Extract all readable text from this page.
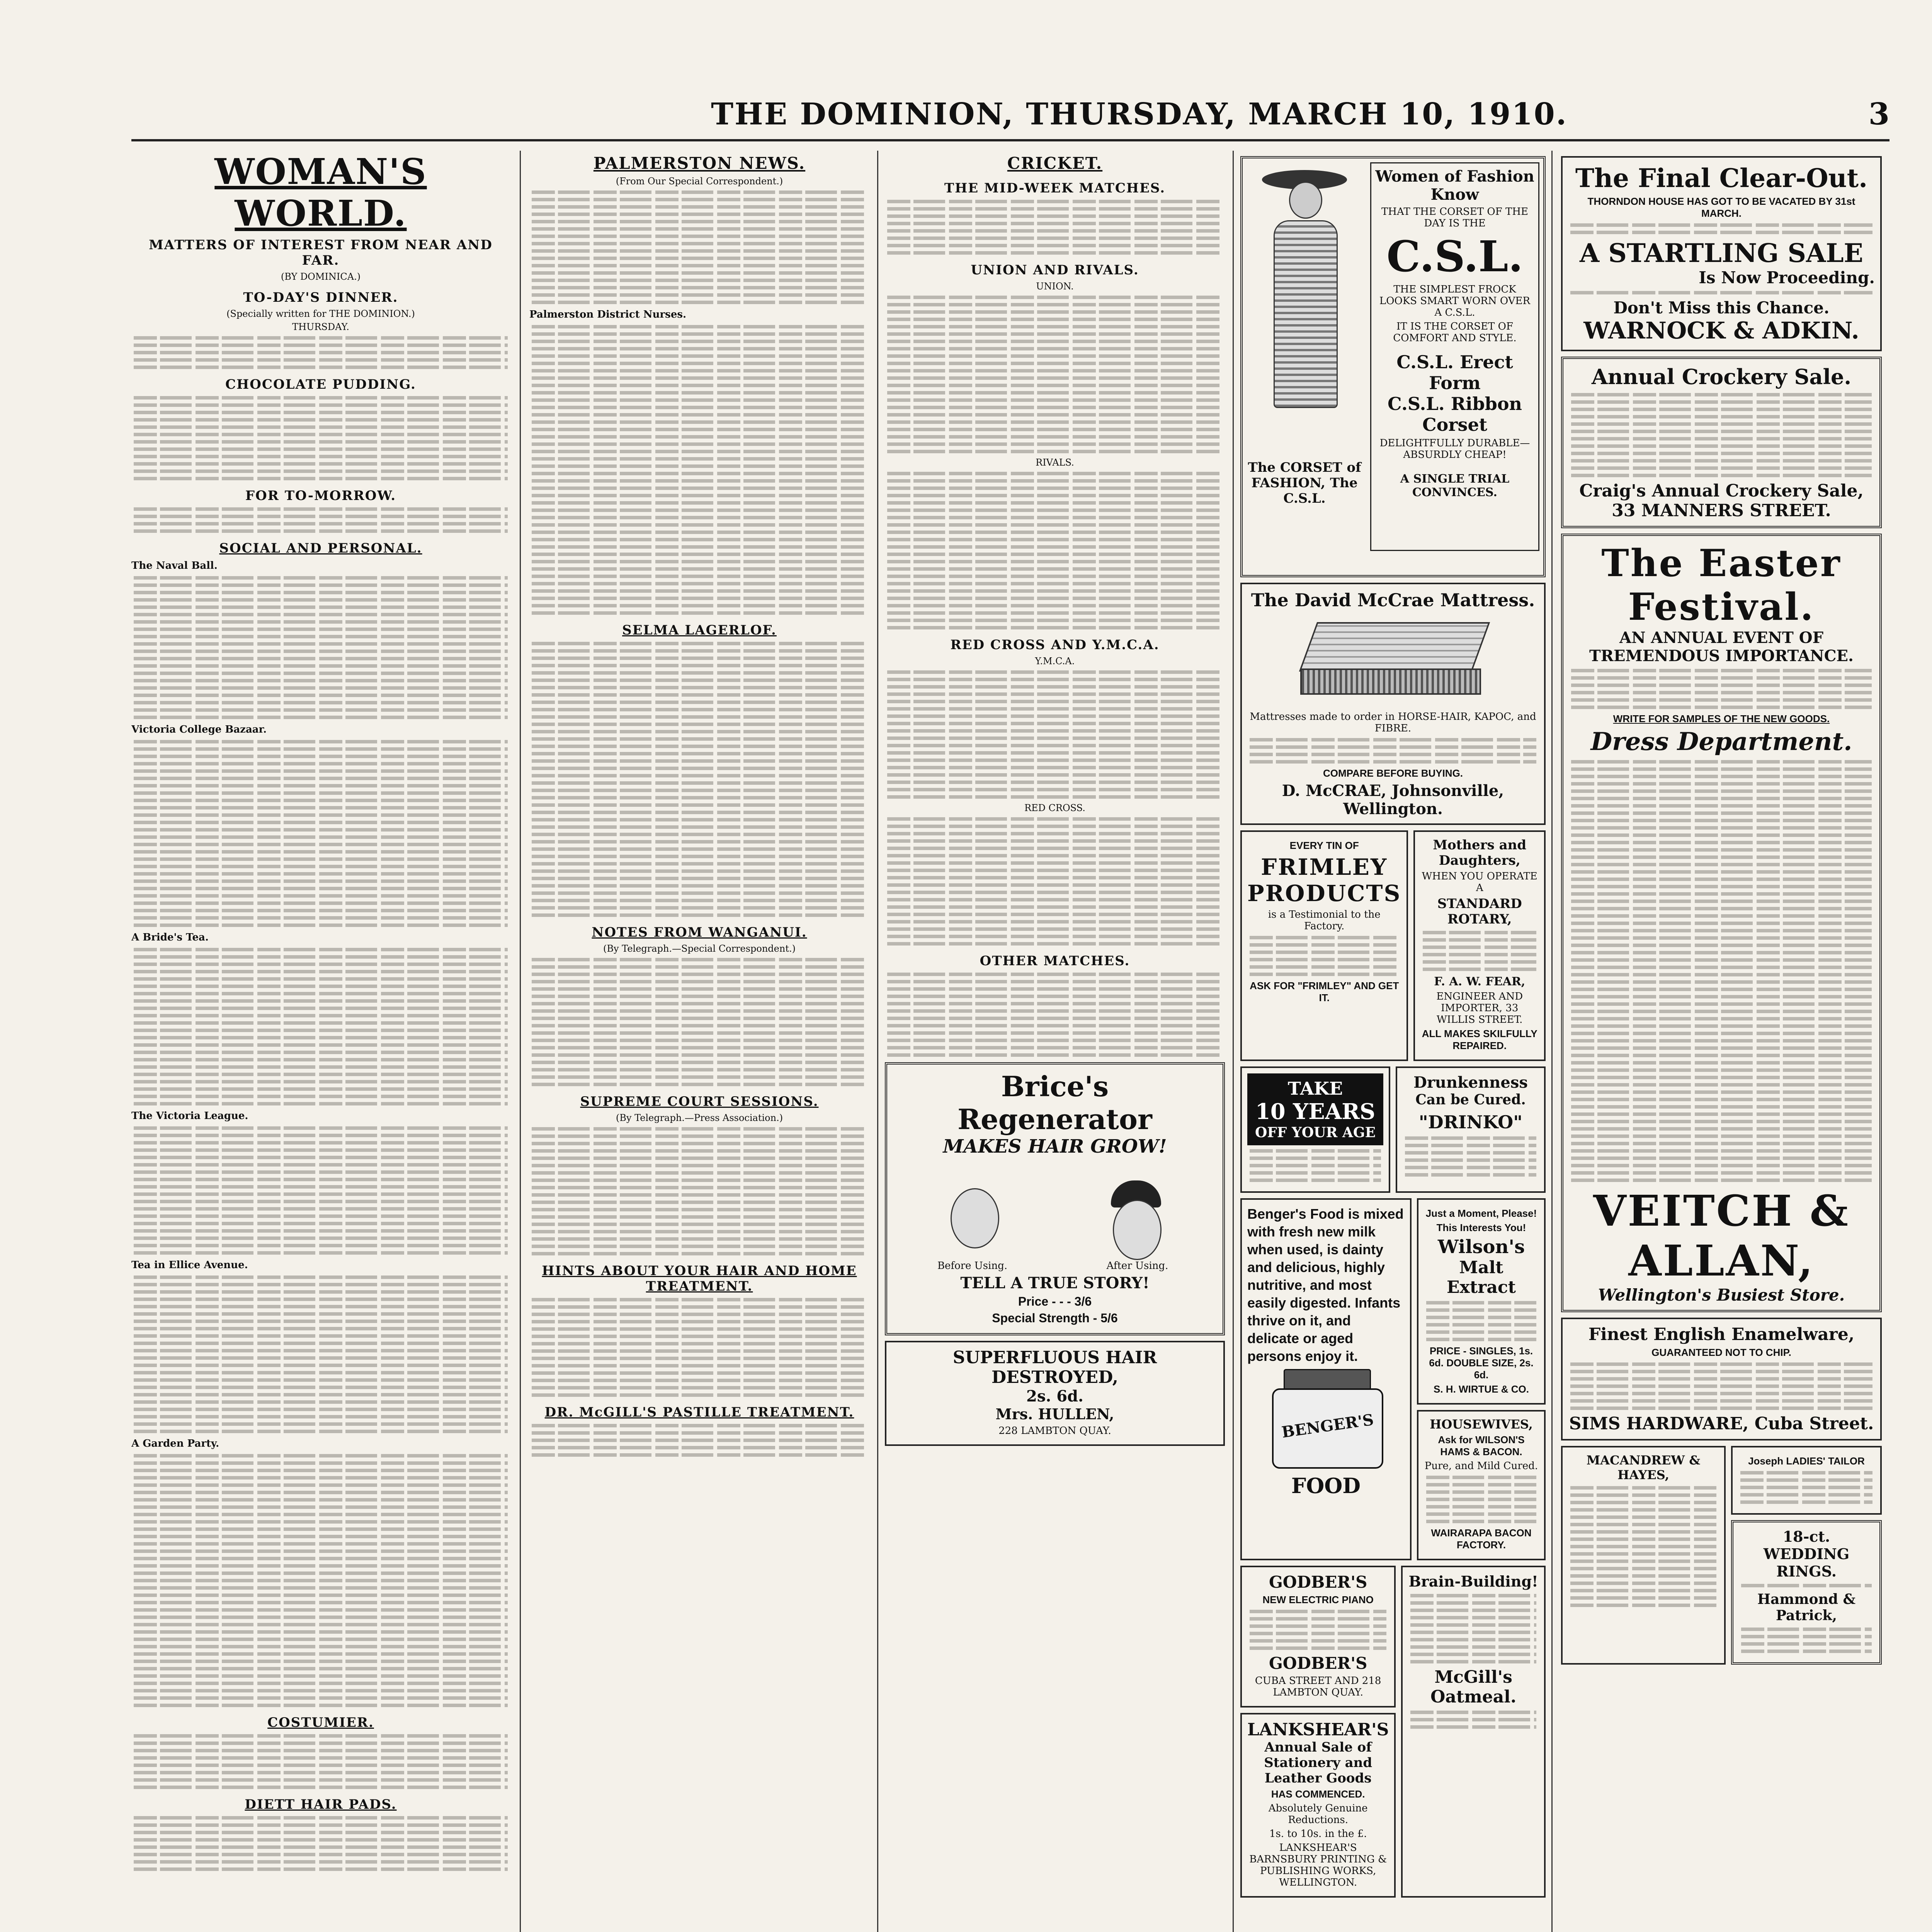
THE DOMINION, THURSDAY, MARCH 10, 1910.	3
WOMAN'S WORLD.
MATTERS OF INTEREST FROM NEAR AND FAR.
(BY DOMINICA.)
TO-DAY'S DINNER.
(Specially written for THE DOMINION.)
THURSDAY.
CHOCOLATE PUDDING.
FOR TO-MORROW.
SOCIAL AND PERSONAL.
The Naval Ball.
Victoria College Bazaar.
A Bride's Tea.
The Victoria League.
Tea in Ellice Avenue.
A Garden Party.
COSTUMIER.
DIETT HAIR PADS.
PALMERSTON NEWS.
(From Our Special Correspondent.)
Palmerston District Nurses.
SELMA LAGERLOF.
NOTES FROM WANGANUI.
(By Telegraph.—Special Correspondent.)
SUPREME COURT SESSIONS.
(By Telegraph.—Press Association.)
HINTS ABOUT YOUR HAIR AND HOME TREATMENT.
DR. McGILL'S PASTILLE TREATMENT.
CRICKET.
THE MID-WEEK MATCHES.
UNION AND RIVALS.
UNION.
RIVALS.
RED CROSS AND Y.M.C.A.
Y.M.C.A.
RED CROSS.
OTHER MATCHES.
Brice's
Regenerator
MAKES HAIR GROW!
Before Using.	After Using.
TELL A TRUE STORY!
Price - - - 3/6
Special Strength - 5/6
SUPERFLUOUS HAIR
DESTROYED,
2s. 6d.
Mrs. HULLEN,
228 LAMBTON QUAY.
The CORSET of FASHION, The C.S.L.
Women of Fashion Know
THAT THE CORSET OF THE DAY IS THE
C.S.L.
THE SIMPLEST FROCK LOOKS SMART WORN OVER A C.S.L.
IT IS THE CORSET OF COMFORT AND STYLE.
C.S.L. Erect Form
C.S.L. Ribbon Corset
DELIGHTFULLY DURABLE—ABSURDLY CHEAP!
A SINGLE TRIAL CONVINCES.
The David McCrae Mattress.
Mattresses made to order in HORSE-HAIR, KAPOC, and FIBRE.
COMPARE BEFORE BUYING.
D. McCRAE, Johnsonville, Wellington.
EVERY TIN OF
FRIMLEY
PRODUCTS
is a Testimonial to the Factory.
ASK FOR "FRIMLEY" AND GET IT.
Mothers and Daughters,
WHEN YOU OPERATE A
STANDARD ROTARY,
F. A. W. FEAR,
ENGINEER AND IMPORTER, 33 WILLIS STREET.
ALL MAKES SKILFULLY REPAIRED.
TAKE
10 YEARS
OFF YOUR AGE
Drunkenness
Can be Cured.
"DRINKO"
Benger's Food is mixed with fresh new milk when used, is dainty and delicious, highly nutritive, and most easily digested. Infants thrive on it, and delicate or aged persons enjoy it.
BENGER'S
FOOD
Just a Moment, Please!
This Interests You!
Wilson's
Malt Extract
PRICE - SINGLES, 1s. 6d. DOUBLE SIZE, 2s. 6d.
S. H. WIRTUE & CO.
HOUSEWIVES,
Ask for WILSON'S HAMS & BACON.
Pure, and Mild Cured.
WAIRARAPA BACON FACTORY.
GODBER'S
NEW ELECTRIC PIANO
GODBER'S
CUBA STREET AND 218 LAMBTON QUAY.
LANKSHEAR'S
Annual Sale of Stationery and Leather Goods
HAS COMMENCED.
Absolutely Genuine Reductions.
1s. to 10s. in the £.
LANKSHEAR'S BARNSBURY PRINTING & PUBLISHING WORKS, WELLINGTON.
Brain-Building!
McGill's Oatmeal.
The Final Clear-Out.
THORNDON HOUSE HAS GOT TO BE VACATED BY 31st MARCH.
A STARTLING SALE
Is Now Proceeding.
Don't Miss this Chance.
WARNOCK & ADKIN.
Annual Crockery Sale.
Craig's Annual Crockery Sale,
33 MANNERS STREET.
The Easter Festival.
AN ANNUAL EVENT OF TREMENDOUS IMPORTANCE.
WRITE FOR SAMPLES OF THE NEW GOODS.
Dress Department.
VEITCH & ALLAN,
Wellington's Busiest Store.
Finest English Enamelware,
GUARANTEED NOT TO CHIP.
SIMS HARDWARE, Cuba Street.
MACANDREW & HAYES,
Joseph LADIES' TAILOR
18-ct. WEDDING RINGS.
Hammond & Patrick,
